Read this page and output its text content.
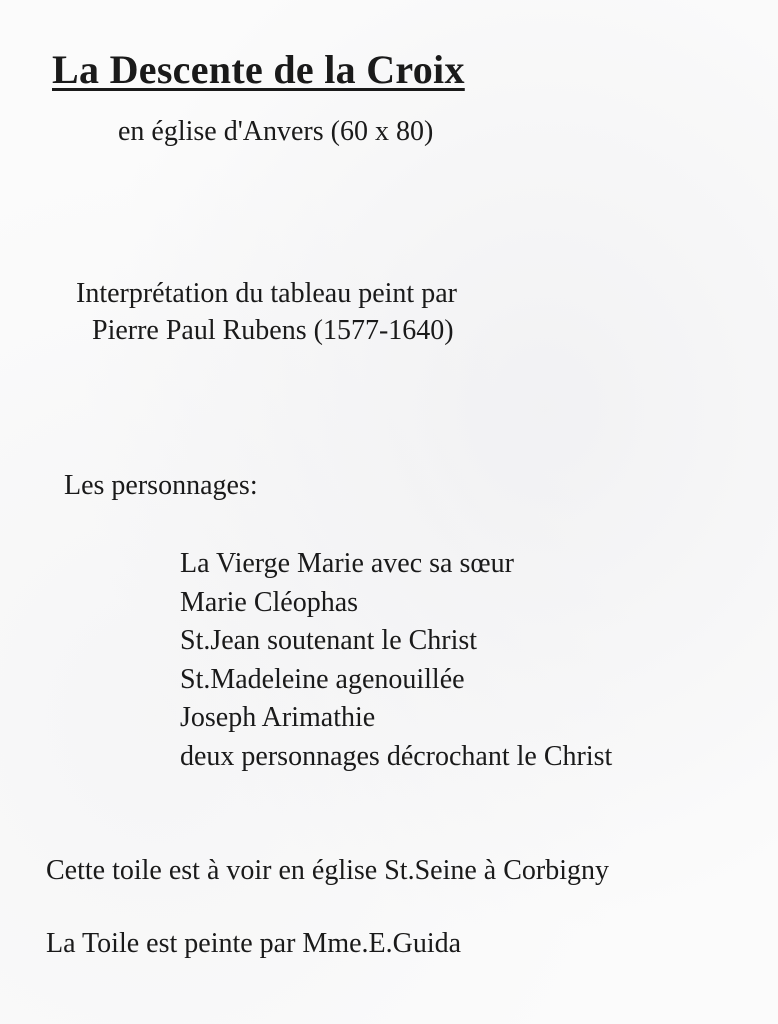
La Descente de la Croix

en église d'Anvers (60 x 80)

Interprétation du tableau peint par

Pierre Paul Rubens (1577-1640)

Les personnages:

La Vierge Marie avec sa sœur
Marie Cléophas
St.Jean soutenant le Christ
St.Madeleine agenouillée
Joseph Arimathie
deux personnages décrochant le Christ

Cette toile est à voir en église St.Seine à Corbigny

La Toile est peinte par Mme.E.Guida
